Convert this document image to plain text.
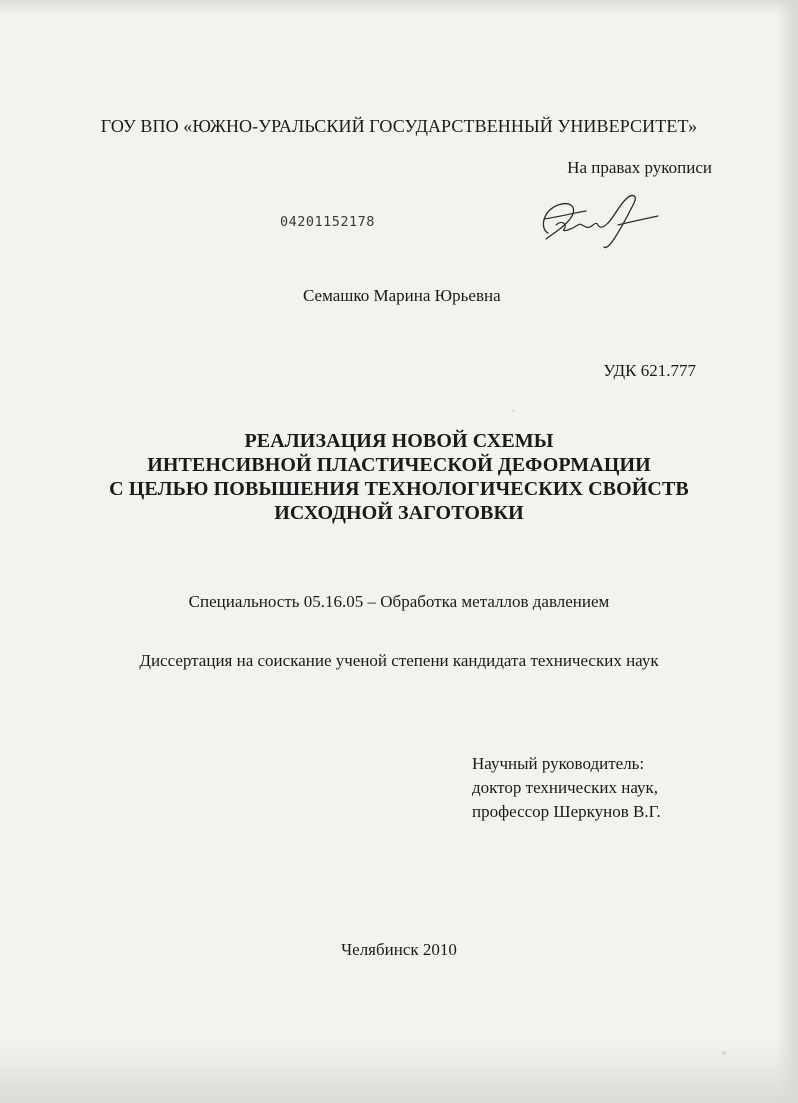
ГОУ ВПО «ЮЖНО-УРАЛЬСКИЙ ГОСУДАРСТВЕННЫЙ УНИВЕРСИТЕТ»
На правах рукописи
04201152178
Семашко Марина Юрьевна
УДК 621.777
РЕАЛИЗАЦИЯ НОВОЙ СХЕМЫ
ИНТЕНСИВНОЙ ПЛАСТИЧЕСКОЙ ДЕФОРМАЦИИ
С ЦЕЛЬЮ ПОВЫШЕНИЯ ТЕХНОЛОГИЧЕСКИХ СВОЙСТВ
ИСХОДНОЙ ЗАГОТОВКИ
Специальность 05.16.05 – Обработка металлов давлением
Диссертация на соискание ученой степени кандидата технических наук
Научный руководитель:
доктор технических наук,
профессор Шеркунов В.Г.
Челябинск 2010
